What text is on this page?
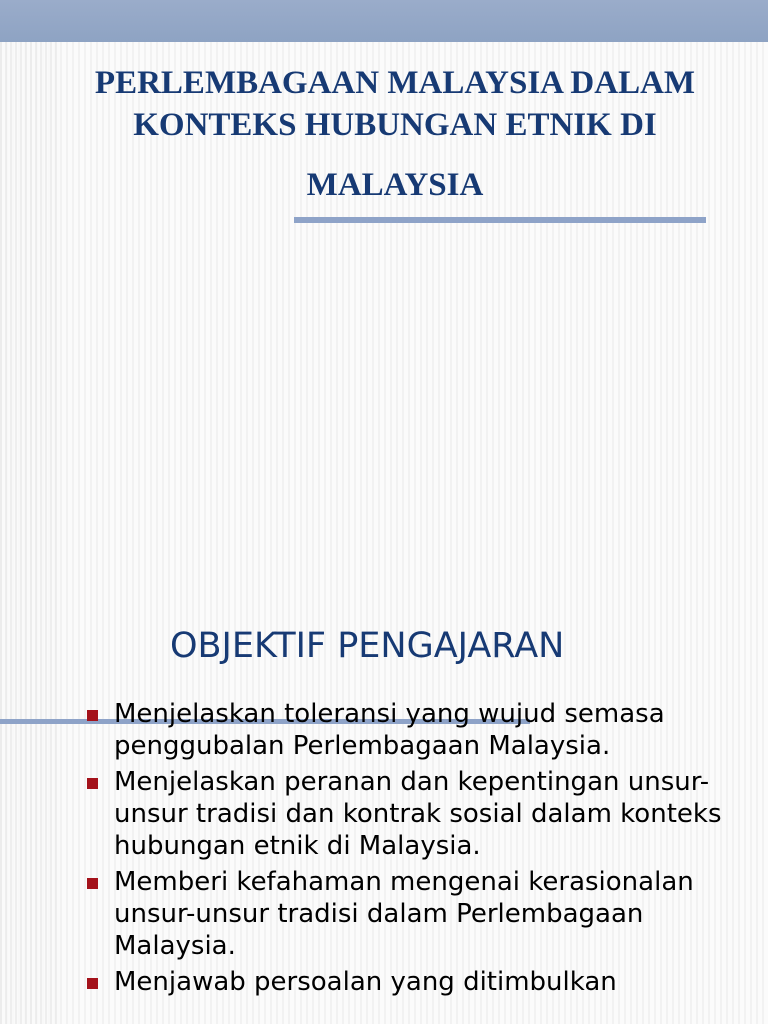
PERLEMBAGAAN MALAYSIA DALAM
KONTEKS HUBUNGAN ETNIK DI
MALAYSIA
OBJEKTIF PENGAJARAN
Menjelaskan toleransi yang wujud semasa penggubalan Perlembagaan Malaysia.
Menjelaskan peranan dan kepentingan unsur-unsur tradisi dan kontrak sosial dalam konteks hubungan etnik di Malaysia.
Memberi kefahaman mengenai kerasionalan unsur-unsur tradisi dalam Perlembagaan Malaysia.
Menjawab persoalan yang ditimbulkan
